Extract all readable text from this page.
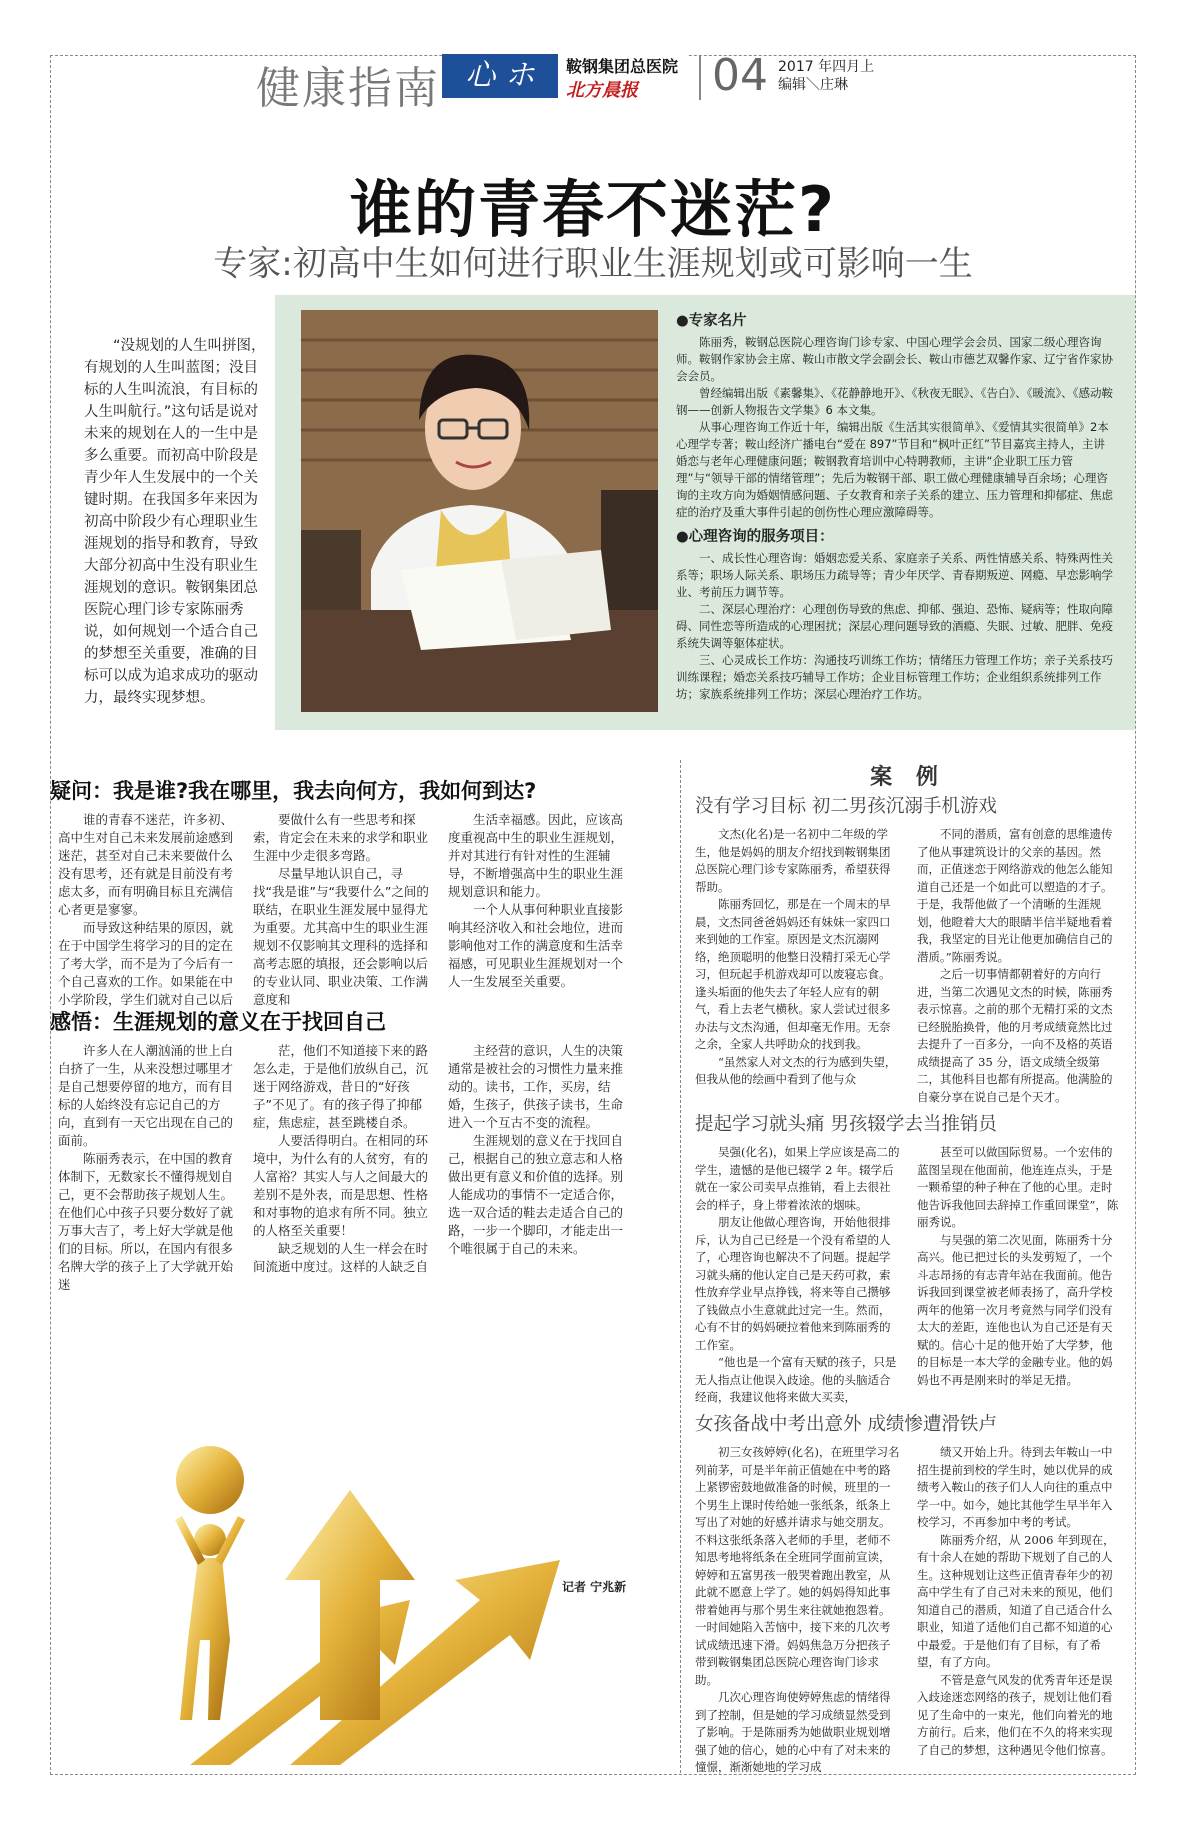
健康指南 心 ホ	鞍钢集团总医院
北方晨报 04 2017 年四月上
编辑＼庄琳
谁的青春不迷茫?
专家:初高中生如何进行职业生涯规划或可影响一生
“没规划的人生叫拼图，有规划的人生叫蓝图；没目标的人生叫流浪，有目标的人生叫航行。”这句话是说对未来的规划在人的一生中是多么重要。而初高中阶段是青少年人生发展中的一个关键时期。在我国多年来因为初高中阶段少有心理职业生涯规划的指导和教育，导致大部分初高中生没有职业生涯规划的意识。鞍钢集团总医院心理门诊专家陈丽秀说，如何规划一个适合自己的梦想至关重要，准确的目标可以成为追求成功的驱动力，最终实现梦想。
●专家名片

陈丽秀，鞍钢总医院心理咨询门诊专家、中国心理学会会员、国家二级心理咨询师。鞍钢作家协会主席、鞍山市散文学会副会长、鞍山市德艺双馨作家、辽宁省作家协会会员。

曾经编辑出版《素馨集》、《花静静地开》、《秋夜无眠》、《告白》、《暖流》、《感动鞍钢——创新人物报告文学集》6 本文集。

从事心理咨询工作近十年，编辑出版《生活其实很简单》、《爱情其实很简单》2本心理学专著；鞍山经济广播电台“爱在 897”节目和“枫叶正红”节目嘉宾主持人，主讲婚恋与老年心理健康问题；鞍钢教育培训中心特聘教师，主讲“企业职工压力管理”与“领导干部的情绪管理”；先后为鞍钢干部、职工做心理健康辅导百余场；心理咨询的主攻方向为婚姻情感问题、子女教育和亲子关系的建立、压力管理和抑郁症、焦虑症的治疗及重大事件引起的创伤性心理应激障碍等。

●心理咨询的服务项目：

一、成长性心理咨询：婚姻恋爱关系、家庭亲子关系、两性情感关系、特殊两性关系等；职场人际关系、职场压力疏导等；青少年厌学、青春期叛逆、网瘾、早恋影响学业、考前压力调节等。

二、深层心理治疗：心理创伤导致的焦虑、抑郁、强迫、恐怖、疑病等；性取向障碍、同性恋等所造成的心理困扰；深层心理问题导致的酒瘾、失眠、过敏、肥胖、免疫系统失调等躯体症状。

三、心灵成长工作坊：沟通技巧训练工作坊；情绪压力管理工作坊；亲子关系技巧训练课程；婚恋关系技巧辅导工作坊；企业目标管理工作坊；企业组织系统排列工作坊；家族系统排列工作坊；深层心理治疗工作坊。

疑问：我是谁?我在哪里，我去向何方，我如何到达?

谁的青春不迷茫，许多初、高中生对自己未来发展前途感到迷茫，甚至对自己未来要做什么没有思考，还有就是目前没有考虑太多，而有明确目标且充满信心者更是寥寥。

而导致这种结果的原因，就在于中国学生将学习的目的定在了考大学，而不是为了今后有一个自己喜欢的工作。如果能在中小学阶段，学生们就对自己以后

要做什么有一些思考和探索，肯定会在未来的求学和职业生涯中少走很多弯路。

尽量早地认识自己，寻找“我是谁”与“我要什么”之间的联结，在职业生涯发展中显得尤为重要。尤其高中生的职业生涯规划不仅影响其文理科的选择和高考志愿的填报，还会影响以后的专业认同、职业决策、工作满意度和

生活幸福感。因此，应该高度重视高中生的职业生涯规划，并对其进行有针对性的生涯辅导，不断增强高中生的职业生涯规划意识和能力。

一个人从事何种职业直接影响其经济收入和社会地位，进而影响他对工作的满意度和生活幸福感，可见职业生涯规划对一个人一生发展至关重要。

感悟：生涯规划的意义在于找回自己

许多人在人潮汹涌的世上白白挤了一生，从来没想过哪里才是自己想要停留的地方，而有目标的人始终没有忘记自己的方向，直到有一天它出现在自己的面前。

陈丽秀表示，在中国的教育体制下，无数家长不懂得规划自己，更不会帮助孩子规划人生。在他们心中孩子只要分数好了就万事大吉了，考上好大学就是他们的目标。所以，在国内有很多名牌大学的孩子上了大学就开始迷

茫，他们不知道接下来的路怎么走，于是他们放纵自己，沉迷于网络游戏，昔日的“好孩子”不见了。有的孩子得了抑郁症，焦虑症，甚至跳楼自杀。

人要活得明白。在相同的环境中，为什么有的人贫穷，有的人富裕？其实人与人之间最大的差别不是外表，而是思想、性格和对事物的追求有所不同。独立的人格至关重要！

缺乏规划的人生一样会在时间流逝中度过。这样的人缺乏自

主经营的意识，人生的决策通常是被社会的习惯性力量来推动的。读书，工作，买房，结婚，生孩子，供孩子读书，生命进入一个互古不变的流程。

生涯规划的意义在于找回自己，根据自己的独立意志和人格做出更有意义和价值的选择。别人能成功的事情不一定适合你，选一双合适的鞋去走适合自己的路，一步一个脚印，才能走出一个唯很属于自己的未来。

记者 宁兆新
案 例
没有学习目标 初二男孩沉溺手机游戏

文杰(化名)是一名初中二年级的学生，他是妈妈的朋友介绍找到鞍钢集团总医院心理门诊专家陈丽秀，希望获得帮助。

陈丽秀回忆，那是在一个周末的早晨，文杰同爸爸妈妈还有妹妹一家四口来到她的工作室。原因是文杰沉溺网络，绝顶聪明的他整日没精打采无心学习，但玩起手机游戏却可以废寝忘食。逢头垢面的他失去了年轻人应有的朝气，看上去老气横秋。家人尝试过很多办法与文杰沟通，但却毫无作用。无奈之余，全家人共呼助众的找到我。

“虽然家人对文杰的行为感到失望，但我从他的绘画中看到了他与众

不同的潜质，富有创意的思维遗传了他从事建筑设计的父亲的基因。然而，正值迷恋于网络游戏的他怎么能知道自己还是一个如此可以塑造的才子。于是，我帮他做了一个清晰的生涯规划，他瞪着大大的眼睛半信半疑地看着我，我坚定的目光让他更加确信自己的潜质。”陈丽秀说。

之后一切事情都朝着好的方向行进，当第二次遇见文杰的时候，陈丽秀表示惊喜。之前的那个无精打采的文杰已经脱胎换骨，他的月考成绩竟然比过去提升了一百多分，一向不及格的英语成绩提高了 35 分，语文成绩全级第二，其他科目也都有所提高。他满脸的自豪分享在说自己是个天才。

提起学习就头痛 男孩辍学去当推销员

吴强(化名)，如果上学应该是高二的学生，遗憾的是他已辍学 2 年。辍学后就在一家公司卖早点推销，看上去很社会的样子，身上带着浓浓的烟味。

朋友让他做心理咨询，开始他很排斥，认为自己已经是一个没有希望的人了，心理咨询也解决不了问题。提起学习就头痛的他认定自己是天药可救，索性放弃学业早点挣钱，将来等自己攒够了钱做点小生意就此过完一生。然而，心有不甘的妈妈硬拉着他来到陈丽秀的工作室。

“他也是一个富有天赋的孩子，只是无人指点让他误入歧途。他的头脑适合经商，我建议他将来做大买卖，

甚至可以做国际贸易。一个宏伟的蓝图呈现在他面前，他连连点头，于是一颗希望的种子种在了他的心里。走时他告诉我他回去辞掉工作重回课堂”，陈丽秀说。

与吴强的第二次见面，陈丽秀十分高兴。他已把过长的头发剪短了，一个斗志昂扬的有志青年站在我面前。他告诉我回到课堂被老师表扬了，高升学校两年的他第一次月考竟然与同学们没有太大的差距，连他也认为自己还是有天赋的。信心十足的他开始了大学梦，他的目标是一本大学的金融专业。他的妈妈也不再是刚来时的举足无措。

女孩备战中考出意外 成绩惨遭滑铁卢

初三女孩婷婷(化名)，在班里学习名列前茅，可是半年前正值她在中考的路上紧锣密鼓地做准备的时候，班里的一个男生上课时传给她一张纸条，纸条上写出了对她的好感并请求与她交朋友。不料这张纸条落入老师的手里，老师不知思考地将纸条在全班同学面前宣读，婷婷和五富男孩一般哭着跑出教室，从此就不愿意上学了。她的妈妈得知此事带着她再与那个男生来往就她抱怨着。一时间她陷入苦恼中，接下来的几次考试成绩迅速下滑。妈妈焦急万分把孩子带到鞍钢集团总医院心理咨询门诊求助。

几次心理咨询使婷婷焦虑的情绪得到了控制，但是她的学习成绩显然受到了影响。于是陈丽秀为她做职业规划增强了她的信心，她的心中有了对未来的憧憬，渐渐她地的学习成

绩又开始上升。待到去年鞍山一中招生提前到校的学生时，她以优异的成绩考入鞍山的孩子们人人向往的重点中学一中。如今，她比其他学生早半年入校学习，不再参加中考的考试。

陈丽秀介绍，从 2006 年到现在，有十余人在她的帮助下规划了自己的人生。这种规划让这些正值青春年少的初高中学生有了自己对未来的预见，他们知道自己的潜质，知道了自己适合什么职业，知道了适他们自己都不知道的心中最爱。于是他们有了目标，有了希望，有了方向。

不管是意气风发的优秀青年还是误入歧途迷恋网络的孩子，规划让他们看见了生命中的一束光，他们向着光的地方前行。后来，他们在不久的将来实现了自己的梦想，这种遇见令他们惊喜。
